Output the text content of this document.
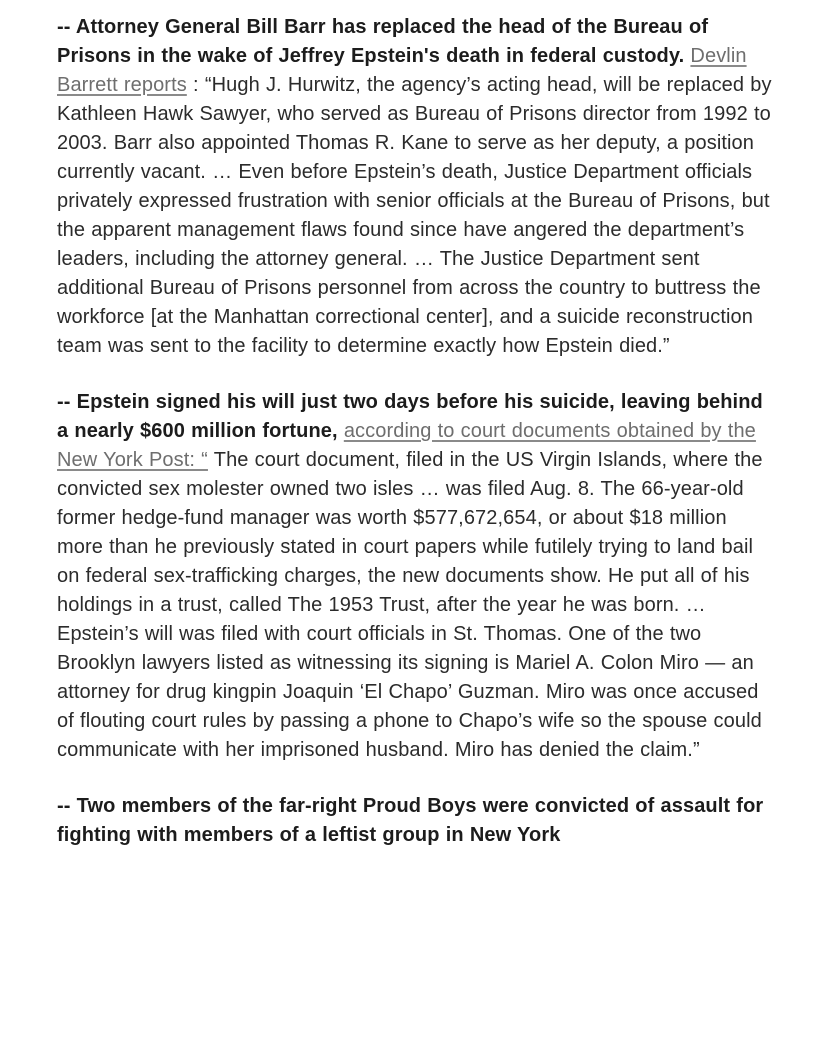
-- Attorney General Bill Barr has replaced the head of the Bureau of Prisons in the wake of Jeffrey Epstein's death in federal custody. Devlin Barrett reports : “Hugh J. Hurwitz, the agency’s acting head, will be replaced by Kathleen Hawk Sawyer, who served as Bureau of Prisons director from 1992 to 2003. Barr also appointed Thomas R. Kane to serve as her deputy, a position currently vacant. … Even before Epstein’s death, Justice Department officials privately expressed frustration with senior officials at the Bureau of Prisons, but the apparent management flaws found since have angered the department’s leaders, including the attorney general. … The Justice Department sent additional Bureau of Prisons personnel from across the country to buttress the workforce [at the Manhattan correctional center], and a suicide reconstruction team was sent to the facility to determine exactly how Epstein died.”

-- Epstein signed his will just two days before his suicide, leaving behind a nearly $600 million fortune, according to court documents obtained by the New York Post: “ The court document, filed in the US Virgin Islands, where the convicted sex molester owned two isles … was filed Aug. 8. The 66-year-old former hedge-fund manager was worth $577,672,654, or about $18 million more than he previously stated in court papers while futilely trying to land bail on federal sex-trafficking charges, the new documents show. He put all of his holdings in a trust, called The 1953 Trust, after the year he was born. … Epstein’s will was filed with court officials in St. Thomas. One of the two Brooklyn lawyers listed as witnessing its signing is Mariel A. Colon Miro — an attorney for drug kingpin Joaquin ‘El Chapo’ Guzman. Miro was once accused of flouting court rules by passing a phone to Chapo’s wife so the spouse could communicate with her imprisoned husband. Miro has denied the claim.”

-- Two members of the far-right Proud Boys were convicted of assault for fighting with members of a leftist group in New York
